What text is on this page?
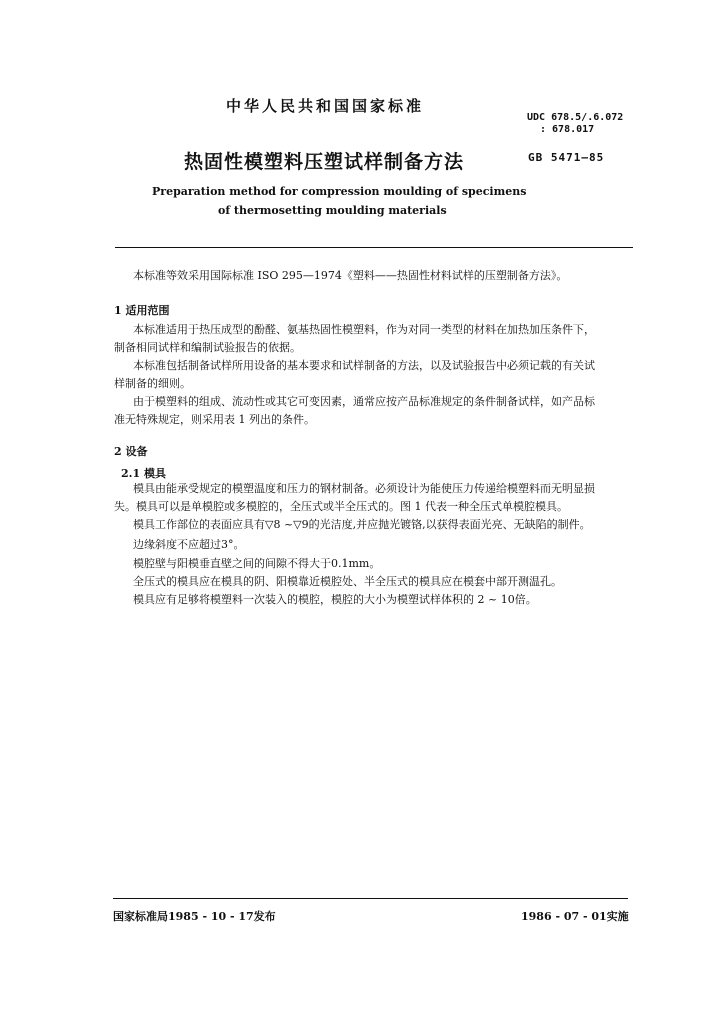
中华人民共和国国家标准
UDC 678.5/.6.072
: 678.017
热固性模塑料压塑试样制备方法	GB 5471—85
Preparation method for compression moulding of specimens
of thermosetting moulding materials
本标准等效采用国际标准 ISO 295—1974《塑料——热固性材料试样的压塑制备方法》。
1 适用范围
本标准适用于热压成型的酚醛、氨基热固性模塑料，作为对同一类型的材料在加热加压条件下，
制备相同试样和编制试验报告的依据。
本标准包括制备试样所用设备的基本要求和试样制备的方法，以及试验报告中必须记载的有关试
样制备的细则。
由于模塑料的组成、流动性或其它可变因素，通常应按产品标准规定的条件制备试样，如产品标
准无特殊规定，则采用表 1 列出的条件。
2 设备
2.1 模具
模具由能承受规定的模塑温度和压力的钢材制备。必须设计为能使压力传递给模塑料而无明显损
失。模具可以是单模腔或多模腔的，全压式或半全压式的。图 1 代表一种全压式单模腔模具。
模具工作部位的表面应具有▽8 ~▽9的光洁度,并应抛光镀铬,以获得表面光亮、无缺陷的制件。
边缘斜度不应超过3°。
模腔壁与阳模垂直壁之间的间隙不得大于0.1mm。
全压式的模具应在模具的阴、阳模靠近模腔处、半全压式的模具应在模套中部开测温孔。
模具应有足够将模塑料一次装入的模腔，模腔的大小为模塑试样体积的 2 ~ 10倍。
国家标准局1985 - 10 - 17发布	1986 - 07 - 01实施
